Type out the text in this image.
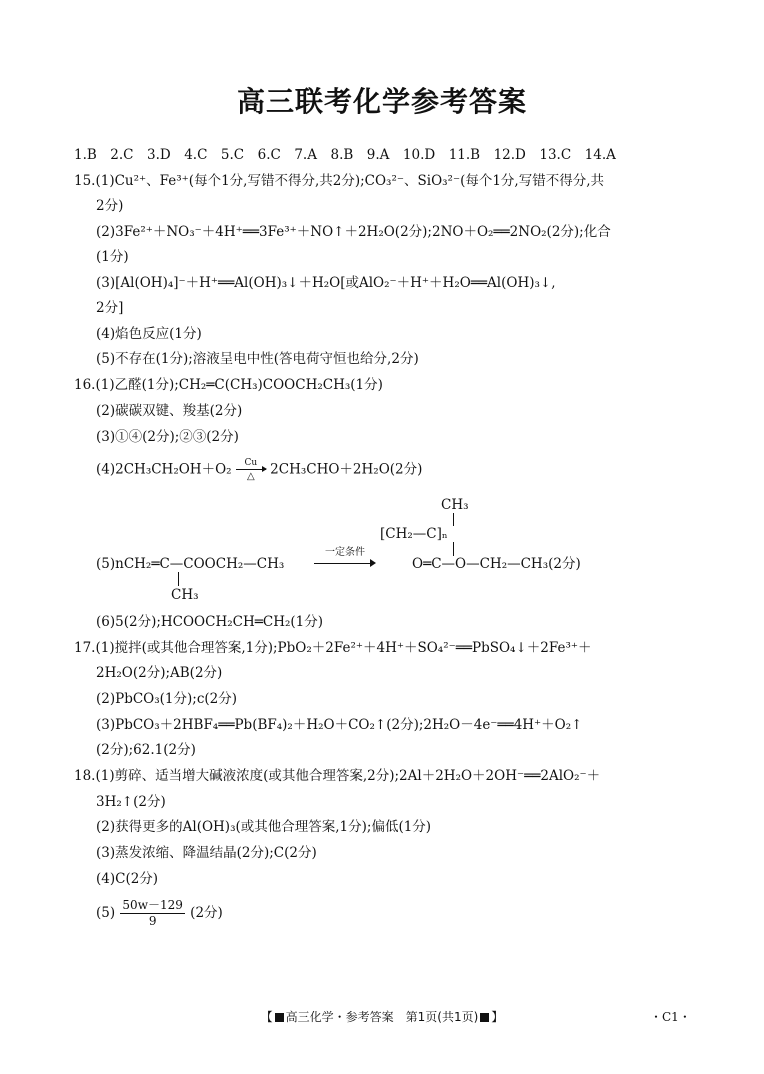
高三联考化学参考答案
1.B　2.C　3.D　4.C　5.C　6.C　7.A　8.B　9.A　10.D　11.B　12.D　13.C　14.A
15.(1)Cu²⁺、Fe³⁺(每个1分,写错不得分,共2分);CO₃²⁻、SiO₃²⁻(每个1分,写错不得分,共
2分)
(2)3Fe²⁺＋NO₃⁻＋4H⁺══3Fe³⁺＋NO↑＋2H₂O(2分);2NO＋O₂══2NO₂(2分);化合
(1分)
(3)[Al(OH)₄]⁻＋H⁺══Al(OH)₃↓＋H₂O[或AlO₂⁻＋H⁺＋H₂O══Al(OH)₃↓,
2分]
(4)焰色反应(1分)
(5)不存在(1分);溶液呈电中性(答电荷守恒也给分,2分)
16.(1)乙醛(1分);CH₂═C(CH₃)COOCH₂CH₃(1分)
(2)碳碳双键、羧基(2分)
(3)①④(2分);②③(2分)
(4)2CH₃CH₂OH＋O₂	Cu
△	2CH₃CHO＋2H₂O(2分)
CH₃
[CH₂—C]ₙ
(5)nCH₂═C—COOCH₂—CH₃
一定条件
O═C—O—CH₂—CH₃(2分)
CH₃
(6)5(2分);HCOOCH₂CH═CH₂(1分)
17.(1)搅拌(或其他合理答案,1分);PbO₂＋2Fe²⁺＋4H⁺＋SO₄²⁻══PbSO₄↓＋2Fe³⁺＋
2H₂O(2分);AB(2分)
(2)PbCO₃(1分);c(2分)
(3)PbCO₃＋2HBF₄══Pb(BF₄)₂＋H₂O＋CO₂↑(2分);2H₂O－4e⁻══4H⁺＋O₂↑
(2分);62.1(2分)
18.(1)剪碎、适当增大碱液浓度(或其他合理答案,2分);2Al＋2H₂O＋2OH⁻══2AlO₂⁻＋
3H₂↑(2分)
(2)获得更多的Al(OH)₃(或其他合理答案,1分);偏低(1分)
(3)蒸发浓缩、降温结晶(2分);C(2分)
(4)C(2分)
$(5) \frac{50w-129}{9} (2$分)
【 高三化学・参考答案　第1页(共1页) 】	・C1・
